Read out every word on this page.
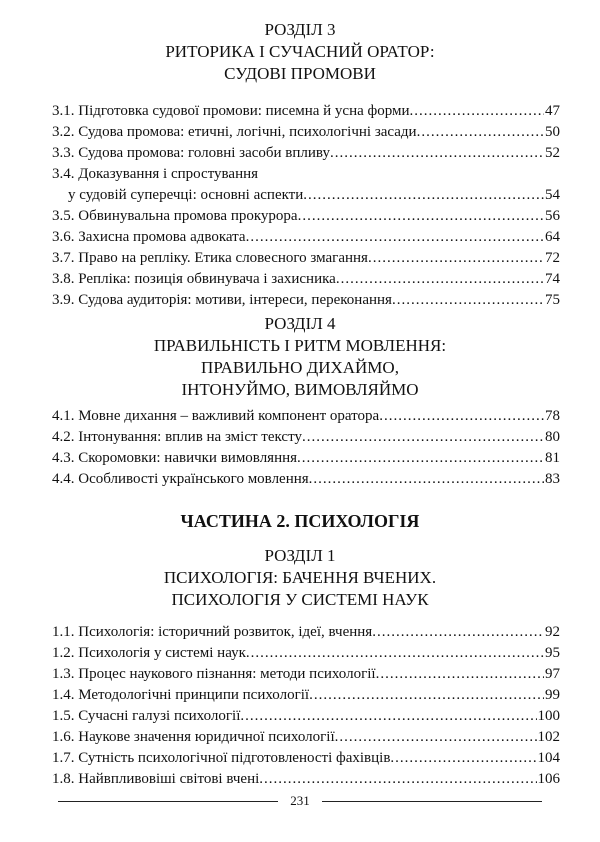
РОЗДІЛ 3
РИТОРИКА І СУЧАСНИЙ ОРАТОР:
СУДОВІ ПРОМОВИ
3.1. Підготовка судової промови: писемна й усна форми .....	47
3.2. Судова промова: етичні, логічні, психологічні засади .....	50
3.3. Судова промова: головні засоби впливу .....	52
3.4. Доказування і спростування
у судовій суперечці: основні аспекти .....	54
3.5. Обвинувальна промова прокурора .....	56
3.6. Захисна промова адвоката .....	64
3.7. Право на репліку. Етика словесного змагання .....	72
3.8. Репліка: позиція обвинувача і захисника .....	74
3.9. Судова аудиторія: мотиви, інтереси, переконання .....	75
РОЗДІЛ 4
ПРАВИЛЬНІСТЬ І РИТМ МОВЛЕННЯ:
ПРАВИЛЬНО ДИХАЙМО,
ІНТОНУЙМО, ВИМОВЛЯЙМО
4.1. Мовне дихання – важливий компонент оратора .....	78
4.2. Інтонування: вплив на зміст тексту .....	80
4.3. Скоромовки: навички вимовляння .....	81
4.4. Особливості українського мовлення .....	83
ЧАСТИНА 2. ПСИХОЛОГІЯ
РОЗДІЛ 1
ПСИХОЛОГІЯ: БАЧЕННЯ ВЧЕНИХ.
ПСИХОЛОГІЯ У СИСТЕМІ НАУК
1.1. Психологія: історичний розвиток, ідеї, вчення .....	92
1.2. Психологія у системі наук .....	95
1.3. Процес наукового пізнання: методи психології .....	97
1.4. Методологічні принципи психології .....	99
1.5. Сучасні галузі психології .....	100
1.6. Наукове значення юридичної психології .....	102
1.7. Сутність психологічної підготовленості фахівців .....	104
1.8. Найвпливовіші світові вчені .....	106
231
